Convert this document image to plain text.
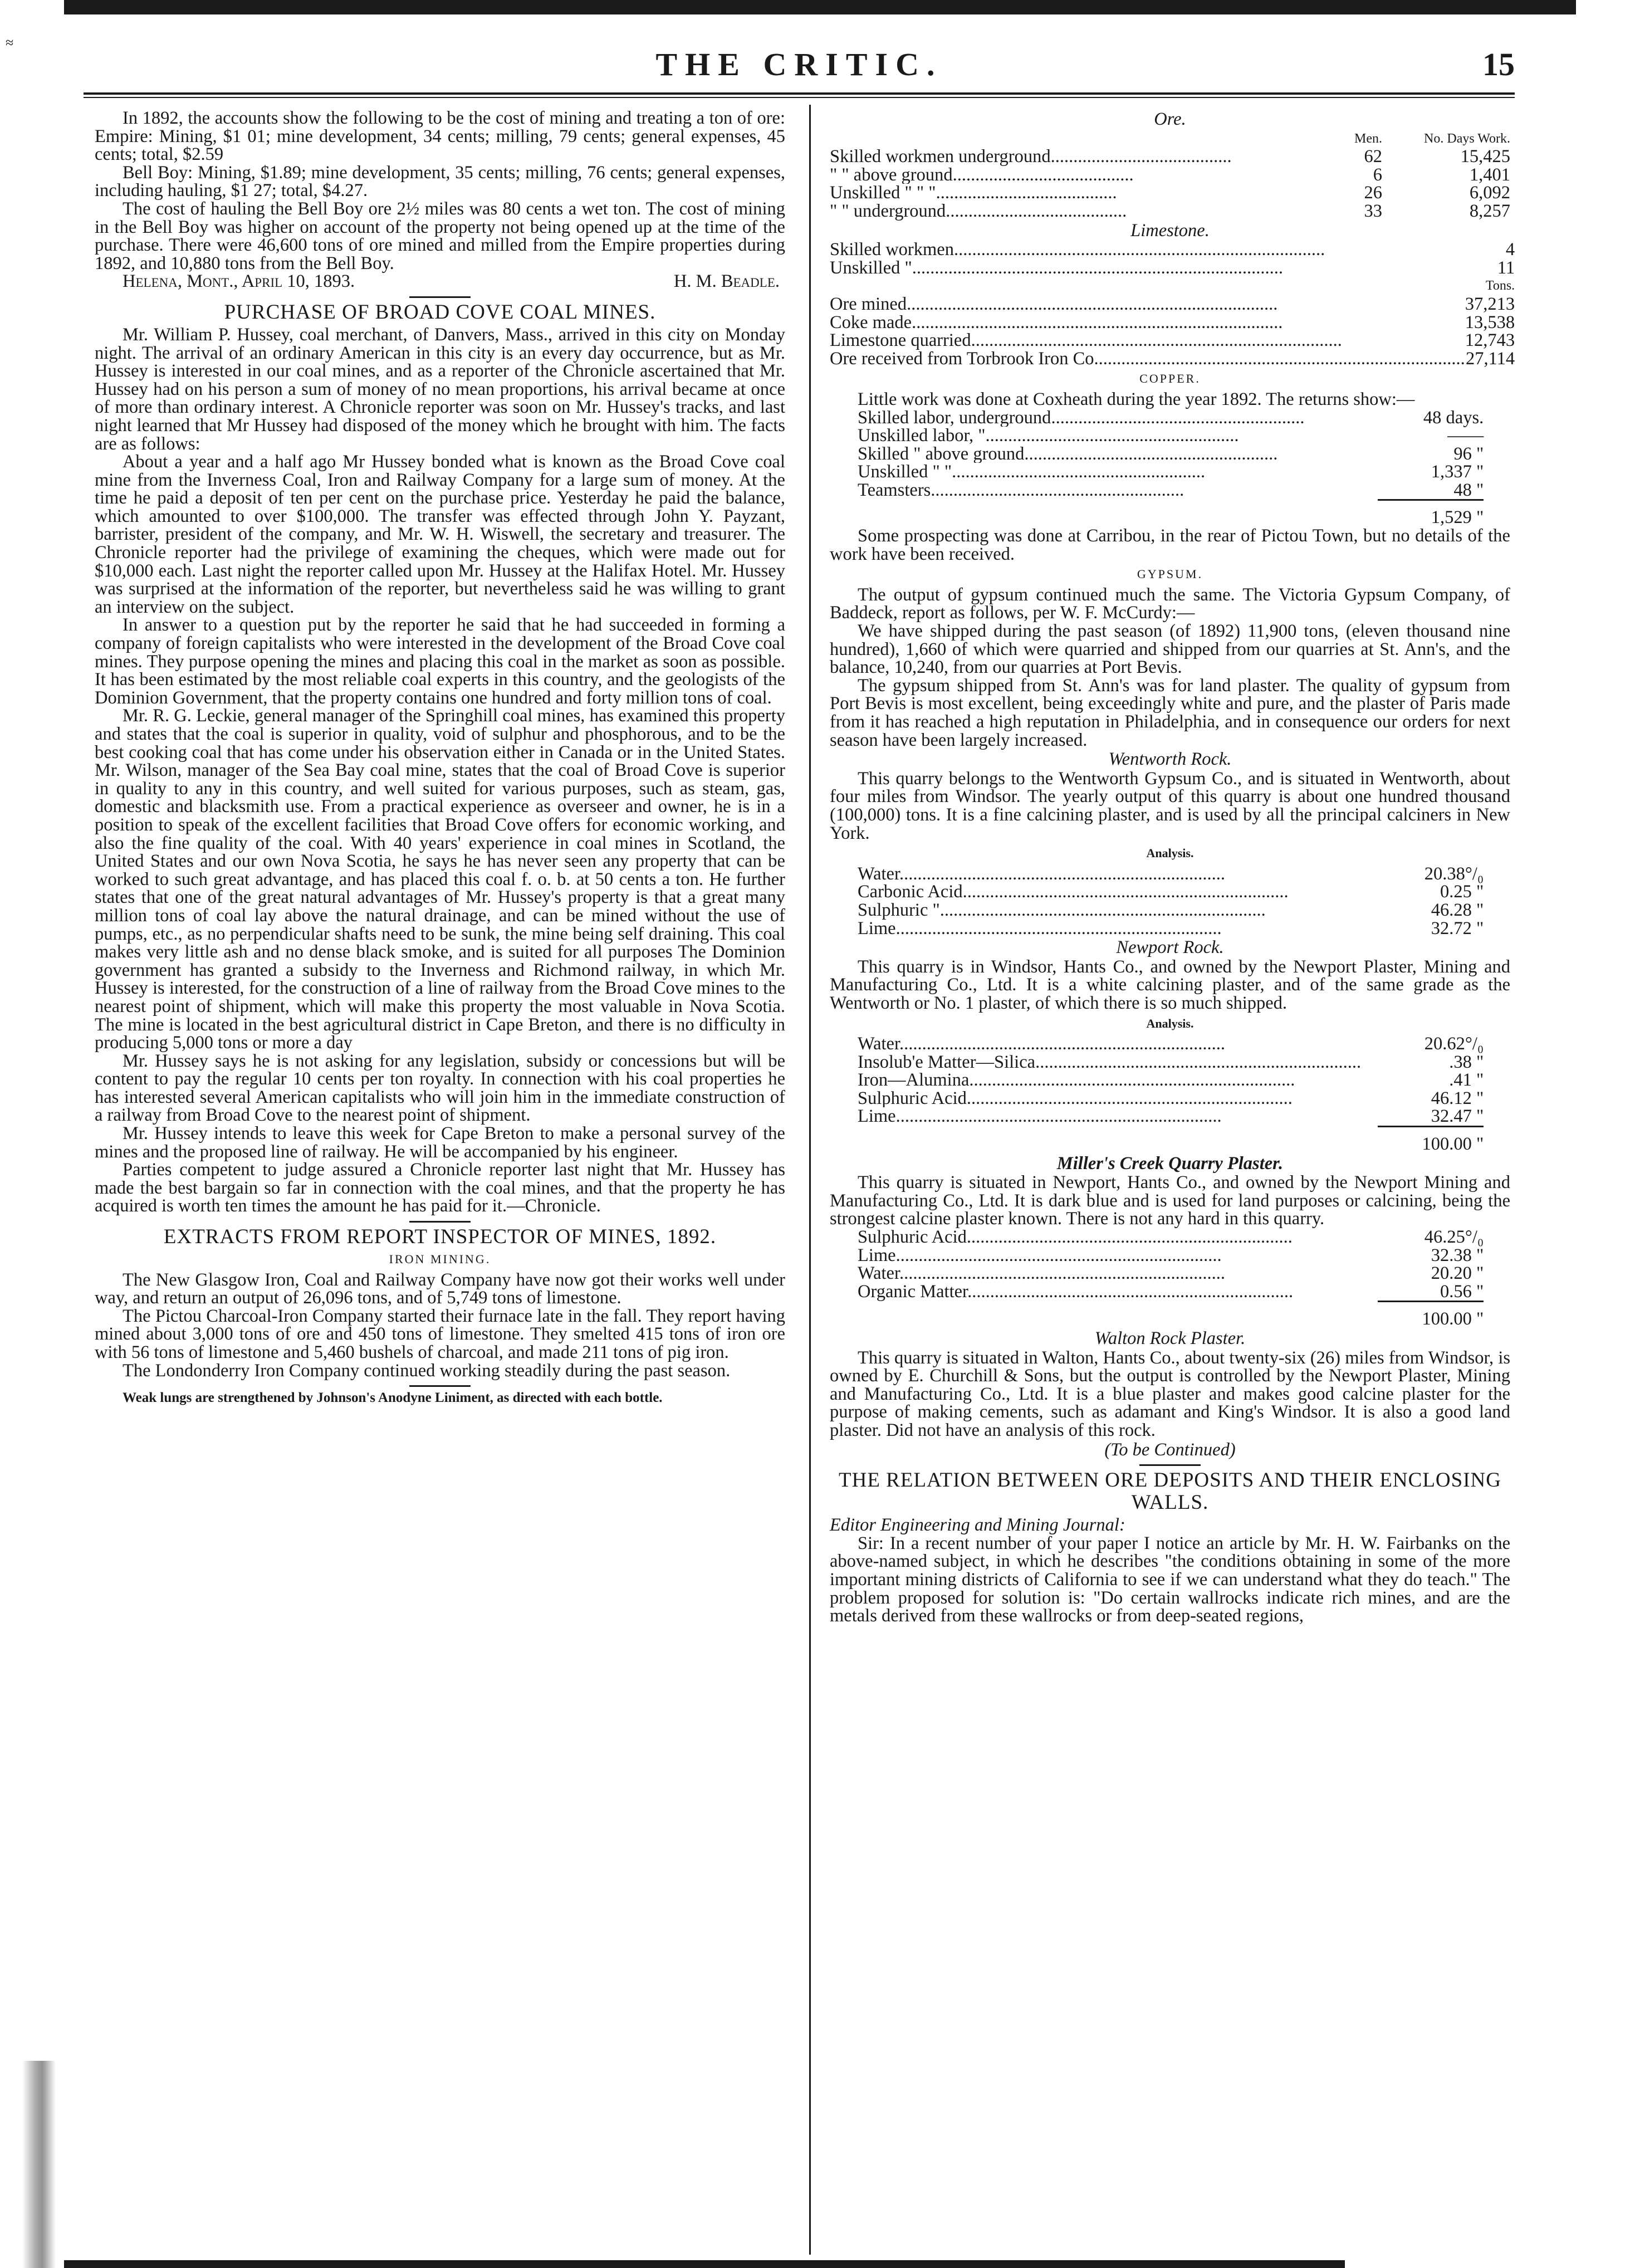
≈
THE CRITIC.	15

In 1892, the accounts show the following to be the cost of mining and treating a ton of ore: Empire: Mining, $1 01; mine development, 34 cents; milling, 79 cents; general expenses, 45 cents; total, $2.59

Bell Boy: Mining, $1.89; mine development, 35 cents; milling, 76 cents; general expenses, including hauling, $1 27; total, $4.27.

The cost of hauling the Bell Boy ore 2½ miles was 80 cents a wet ton. The cost of mining in the Bell Boy was higher on account of the property not being opened up at the time of the purchase. There were 46,600 tons of ore mined and milled from the Empire properties during 1892, and 10,880 tons from the Bell Boy.

Helena, Mont., April 10, 1893.	H. M. Beadle.
PURCHASE OF BROAD COVE COAL MINES.

Mr. William P. Hussey, coal merchant, of Danvers, Mass., arrived in this city on Monday night. The arrival of an ordinary American in this city is an every day occurrence, but as Mr. Hussey is interested in our coal mines, and as a reporter of the Chronicle ascertained that Mr. Hussey had on his person a sum of money of no mean proportions, his arrival became at once of more than ordinary interest. A Chronicle reporter was soon on Mr. Hussey's tracks, and last night learned that Mr Hussey had disposed of the money which he brought with him. The facts are as follows:

About a year and a half ago Mr Hussey bonded what is known as the Broad Cove coal mine from the Inverness Coal, Iron and Railway Company for a large sum of money. At the time he paid a deposit of ten per cent on the purchase price. Yesterday he paid the balance, which amounted to over $100,000. The transfer was effected through John Y. Payzant, barrister, president of the company, and Mr. W. H. Wiswell, the secretary and treasurer. The Chronicle reporter had the privilege of examining the cheques, which were made out for $10,000 each. Last night the reporter called upon Mr. Hussey at the Halifax Hotel. Mr. Hussey was surprised at the information of the reporter, but nevertheless said he was willing to grant an interview on the subject.

In answer to a question put by the reporter he said that he had succeeded in forming a company of foreign capitalists who were interested in the development of the Broad Cove coal mines. They purpose opening the mines and placing this coal in the market as soon as possible. It has been estimated by the most reliable coal experts in this country, and the geologists of the Dominion Government, that the property contains one hundred and forty million tons of coal.

Mr. R. G. Leckie, general manager of the Springhill coal mines, has examined this property and states that the coal is superior in quality, void of sulphur and phosphorous, and to be the best cooking coal that has come under his observation either in Canada or in the United States. Mr. Wilson, manager of the Sea Bay coal mine, states that the coal of Broad Cove is superior in quality to any in this country, and well suited for various purposes, such as steam, gas, domestic and blacksmith use. From a practical experience as overseer and owner, he is in a position to speak of the excellent facilities that Broad Cove offers for economic working, and also the fine quality of the coal. With 40 years' experience in coal mines in Scotland, the United States and our own Nova Scotia, he says he has never seen any property that can be worked to such great advantage, and has placed this coal f. o. b. at 50 cents a ton. He further states that one of the great natural advantages of Mr. Hussey's property is that a great many million tons of coal lay above the natural drainage, and can be mined without the use of pumps, etc., as no perpendicular shafts need to be sunk, the mine being self draining. This coal makes very little ash and no dense black smoke, and is suited for all purposes The Dominion government has granted a subsidy to the Inverness and Richmond railway, in which Mr. Hussey is interested, for the construction of a line of railway from the Broad Cove mines to the nearest point of shipment, which will make this property the most valuable in Nova Scotia. The mine is located in the best agricultural district in Cape Breton, and there is no difficulty in producing 5,000 tons or more a day

Mr. Hussey says he is not asking for any legislation, subsidy or concessions but will be content to pay the regular 10 cents per ton royalty. In connection with his coal properties he has interested several American capitalists who will join him in the immediate construction of a railway from Broad Cove to the nearest point of shipment.

Mr. Hussey intends to leave this week for Cape Breton to make a personal survey of the mines and the proposed line of railway. He will be accompanied by his engineer.

Parties competent to judge assured a Chronicle reporter last night that Mr. Hussey has made the best bargain so far in connection with the coal mines, and that the property he has acquired is worth ten times the amount he has paid for it.—Chronicle.

EXTRACTS FROM REPORT INSPECTOR OF MINES, 1892.
IRON MINING.

The New Glasgow Iron, Coal and Railway Company have now got their works well under way, and return an output of 26,096 tons, and of 5,749 tons of limestone.

The Pictou Charcoal-Iron Company started their furnace late in the fall. They report having mined about 3,000 tons of ore and 450 tons of limestone. They smelted 415 tons of iron ore with 56 tons of limestone and 5,460 bushels of charcoal, and made 211 tons of pig iron.

The Londonderry Iron Company continued working steadily during the past season.

Weak lungs are strengthened by Johnson's Anodyne Liniment, as directed with each bottle.

Ore.
	Men.	No. Days Work.
Skilled workmen underground........................................	62	15,425
" " above ground........................................	6	1,401
Unskilled " " "........................................	26	6,092
" " underground........................................	33	8,257
Limestone.
Skilled workmen..................................................................................	4
Unskilled "..................................................................................	11
	Tons.
Ore mined..................................................................................	37,213
Coke made..................................................................................	13,538
Limestone quarried..................................................................................	12,743
Ore received from Torbrook Iron Co..................................................................................	27,114
COPPER.

Little work was done at Coxheath during the year 1892. The returns show:—

Skilled labor, underground........................................................	48 days.
Unskilled labor, "........................................................	——
Skilled " above ground........................................................	96 "
Unskilled " "........................................................	1,337 "
Teamsters........................................................	48 "
	1,529 "

Some prospecting was done at Carribou, in the rear of Pictou Town, but no details of the work have been received.

GYPSUM.

The output of gypsum continued much the same. The Victoria Gypsum Company, of Baddeck, report as follows, per W. F. McCurdy:—

We have shipped during the past season (of 1892) 11,900 tons, (eleven thousand nine hundred), 1,660 of which were quarried and shipped from our quarries at St. Ann's, and the balance, 10,240, from our quarries at Port Bevis.

The gypsum shipped from St. Ann's was for land plaster. The quality of gypsum from Port Bevis is most excellent, being exceedingly white and pure, and the plaster of Paris made from it has reached a high reputation in Philadelphia, and in consequence our orders for next season have been largely increased.

Wentworth Rock.

This quarry belongs to the Wentworth Gypsum Co., and is situated in Wentworth, about four miles from Windsor. The yearly output of this quarry is about one hundred thousand (100,000) tons. It is a fine calcining plaster, and is used by all the principal calciners in New York.

Analysis.
Water........................................................................	20.38°/₀
Carbonic Acid........................................................................	0.25 "
Sulphuric "........................................................................	46.28 "
Lime........................................................................	32.72 "
Newport Rock.

This quarry is in Windsor, Hants Co., and owned by the Newport Plaster, Mining and Manufacturing Co., Ltd. It is a white calcining plaster, and of the same grade as the Wentworth or No. 1 plaster, of which there is so much shipped.

Analysis.
Water........................................................................	20.62°/₀
Insolub'e Matter—Silica........................................................................	.38 "
Iron—Alumina........................................................................	.41 "
Sulphuric Acid........................................................................	46.12 "
Lime........................................................................	32.47 "
	100.00 "
Miller's Creek Quarry Plaster.

This quarry is situated in Newport, Hants Co., and owned by the Newport Mining and Manufacturing Co., Ltd. It is dark blue and is used for land purposes or calcining, being the strongest calcine plaster known. There is not any hard in this quarry.

Sulphuric Acid........................................................................	46.25°/₀
Lime........................................................................	32.38 "
Water........................................................................	20.20 "
Organic Matter........................................................................	0.56 "
	100.00 "
Walton Rock Plaster.

This quarry is situated in Walton, Hants Co., about twenty-six (26) miles from Windsor, is owned by E. Churchill & Sons, but the output is controlled by the Newport Plaster, Mining and Manufacturing Co., Ltd. It is a blue plaster and makes good calcine plaster for the purpose of making cements, such as adamant and King's Windsor. It is also a good land plaster. Did not have an analysis of this rock.

(To be Continued)
THE RELATION BETWEEN ORE DEPOSITS AND THEIR ENCLOSING WALLS.

Editor Engineering and Mining Journal:

Sir: In a recent number of your paper I notice an article by Mr. H. W. Fairbanks on the above-named subject, in which he describes "the conditions obtaining in some of the more important mining districts of California to see if we can understand what they do teach." The problem proposed for solution is: "Do certain wallrocks indicate rich mines, and are the metals derived from these wallrocks or from deep-seated regions,
